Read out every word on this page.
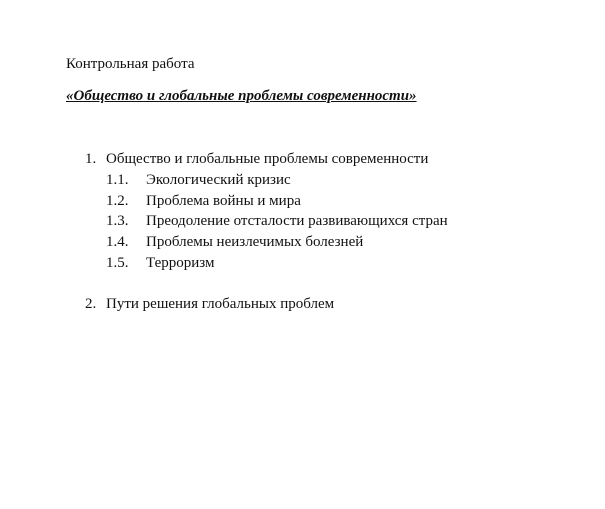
Контрольная работа
«Общество и глобальные проблемы современности»
1. Общество и глобальные проблемы современности
1.1. Экологический кризис
1.2. Проблема войны и мира
1.3. Преодоление отсталости развивающихся стран
1.4. Проблемы неизлечимых болезней
1.5. Терроризм
2. Пути решения глобальных проблем
